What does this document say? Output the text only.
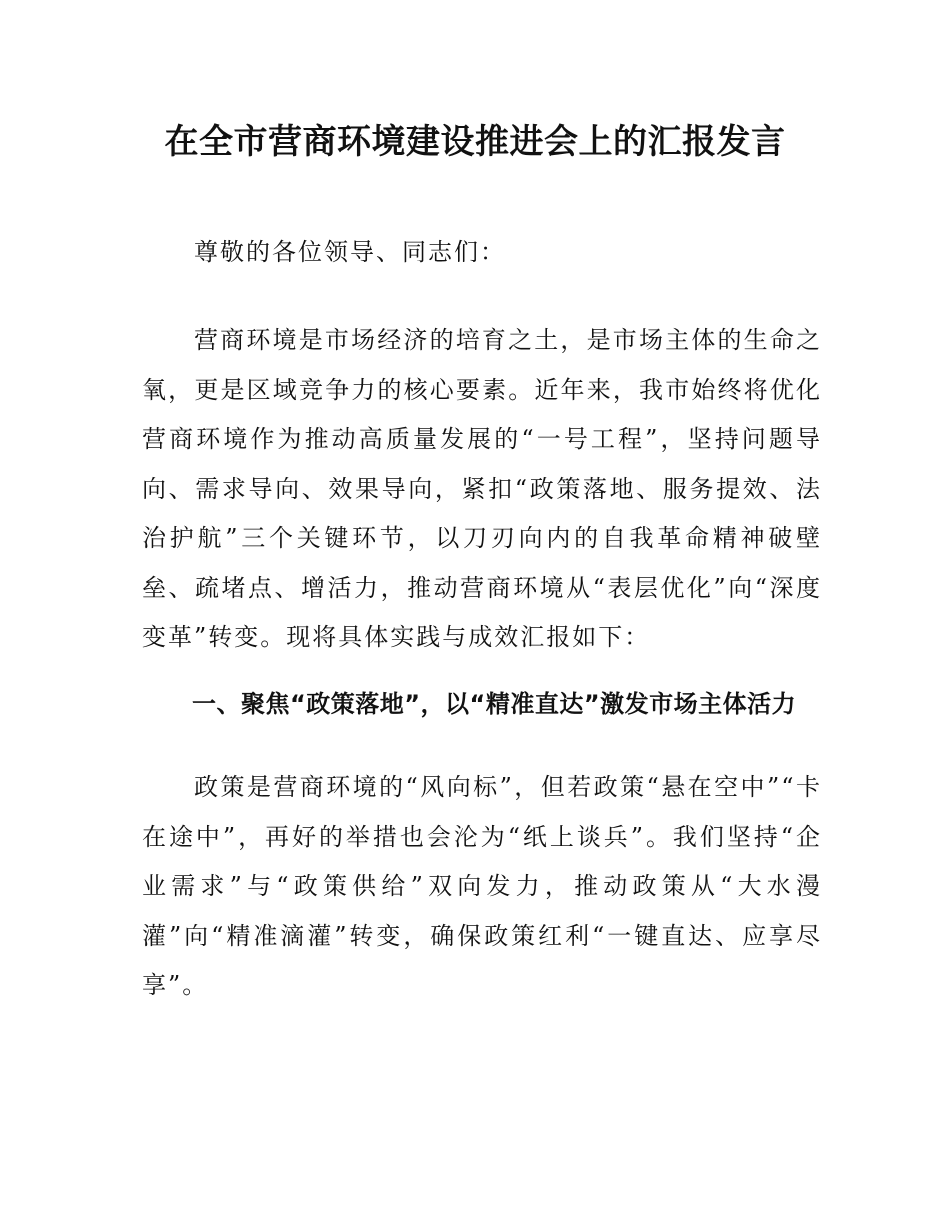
在全市营商环境建设推进会上的汇报发言

尊敬的各位领导、同志们：

营商环境是市场经济的培育之土，是市场主体的生命之氧，更是区域竞争力的核心要素。近年来，我市始终将优化营商环境作为推动高质量发展的“一号工程”，坚持问题导向、需求导向、效果导向，紧扣“政策落地、服务提效、法治护航”三个关键环节，以刀刃向内的自我革命精神破壁垒、疏堵点、增活力，推动营商环境从“表层优化”向“深度变革”转变。现将具体实践与成效汇报如下：

一、聚焦“政策落地”，以“精准直达”激发市场主体活力

政策是营商环境的“风向标”，但若政策“悬在空中”“卡在途中”，再好的举措也会沦为“纸上谈兵”。我们坚持“企业需求”与“政策供给”双向发力，推动政策从“大水漫灌”向“精准滴灌”转变，确保政策红利“一键直达、应享尽享”。
